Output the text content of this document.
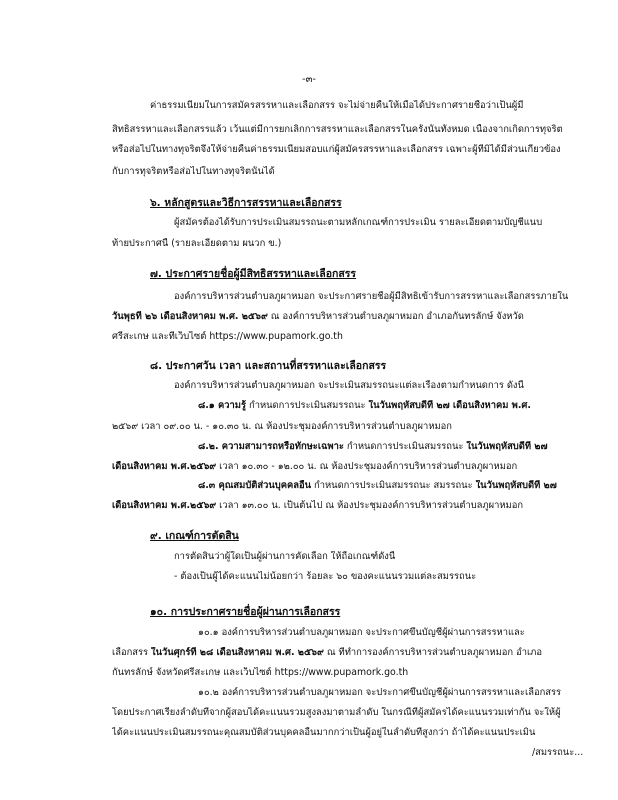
-๓-
ค่าธรรมเนียมในการสมัครสรรหาและเลือกสรร จะไม่จ่ายคืนให้เมื่อได้ประกาศรายชื่อว่าเป็นผู้มี
สิทธิสรรหาและเลือกสรรแล้ว เว้นแต่มีการยกเลิกการสรรหาและเลือกสรรในครั้งนั้นทั้งหมด เนื่องจากเกิดการทุจริต
หรือส่อไปในทางทุจริตจึงให้จ่ายคืนค่าธรรมเนียมสอบแก่ผู้สมัครสรรหาและเลือกสรร เฉพาะผู้ที่มิได้มีส่วนเกี่ยวข้อง
กับการทุจริตหรือส่อไปในทางทุจริตนั้นได้
๖. หลักสูตรและวิธีการสรรหาและเลือกสรร
ผู้สมัครต้องได้รับการประเมินสมรรถนะตามหลักเกณฑ์การประเมิน รายละเอียดตามบัญชีแนบ
ท้ายประกาศนี้ (รายละเอียดตาม ผนวก ข.)
๗. ประกาศรายชื่อผู้มีสิทธิสรรหาและเลือกสรร
องค์การบริหารส่วนตำบลภูผาหมอก จะประกาศรายชื่อผู้มีสิทธิเข้ารับการสรรหาและเลือกสรรภายใน
วันพุธที่ ๒๖ เดือนสิงหาคม พ.ศ. ๒๕๖๙ ณ องค์การบริหารส่วนตำบลภูผาหมอก อำเภอกันทรลักษ์ จังหวัด
ศรีสะเกษ และที่เว็บไซต์ https://www.pupamork.go.th
๘. ประกาศวัน เวลา และสถานที่สรรหาและเลือกสรร
องค์การบริหารส่วนตำบลภูผาหมอก จะประเมินสมรรถนะแต่ละเรื่องตามกำหนดการ ดังนี้
๘.๑ ความรู้ กำหนดการประเมินสมรรถนะ ในวันพฤหัสบดีที่ ๒๗ เดือนสิงหาคม พ.ศ.
๒๕๖๙ เวลา ๐๙.๐๐ น. - ๑๐.๓๐ น. ณ ห้องประชุมองค์การบริหารส่วนตำบลภูผาหมอก
๘.๒. ความสามารถหรือทักษะเฉพาะ กำหนดการประเมินสมรรถนะ ในวันพฤหัสบดีที่ ๒๗
เดือนสิงหาคม พ.ศ.๒๕๖๙ เวลา ๑๐.๓๐ - ๑๒.๐๐ น. ณ ห้องประชุมองค์การบริหารส่วนตำบลภูผาหมอก
๘.๓ คุณสมบัติส่วนบุคคลอื่น กำหนดการประเมินสมรรถนะ สมรรถนะ ในวันพฤหัสบดีที่ ๒๗
เดือนสิงหาคม พ.ศ.๒๕๖๙ เวลา ๑๓.๐๐ น. เป็นต้นไป ณ ห้องประชุมองค์การบริหารส่วนตำบลภูผาหมอก
๙. เกณฑ์การตัดสิน
การตัดสินว่าผู้ใดเป็นผู้ผ่านการคัดเลือก ให้ถือเกณฑ์ดังนี้
- ต้องเป็นผู้ได้คะแนนไม่น้อยกว่า ร้อยละ ๖๐ ของคะแนนรวมแต่ละสมรรถนะ
๑๐. การประกาศรายชื่อผู้ผ่านการเลือกสรร
๑๐.๑ องค์การบริหารส่วนตำบลภูผาหมอก จะประกาศขึ้นบัญชีผู้ผ่านการสรรหาและ
เลือกสรร ในวันศุกร์ที่ ๒๘ เดือนสิงหาคม พ.ศ. ๒๕๖๙ ณ ที่ทำการองค์การบริหารส่วนตำบลภูผาหมอก อำเภอ
กันทรลักษ์ จังหวัดศรีสะเกษ และเว็บไซต์ https://www.pupamork.go.th
๑๐.๒ องค์การบริหารส่วนตำบลภูผาหมอก จะประกาศขึ้นบัญชีผู้ผ่านการสรรหาและเลือกสรร
โดยประกาศเรียงลำดับที่จากผู้สอบได้คะแนนรวมสูงลงมาตามลำดับ ในกรณีที่ผู้สมัครได้คะแนนรวมเท่ากัน จะให้ผู้
ได้คะแนนประเมินสมรรถนะคุณสมบัติส่วนบุคคลอื่นมากกว่าเป็นผู้อยู่ในลำดับที่สูงกว่า ถ้าได้คะแนนประเมิน
/สมรรถนะ...
